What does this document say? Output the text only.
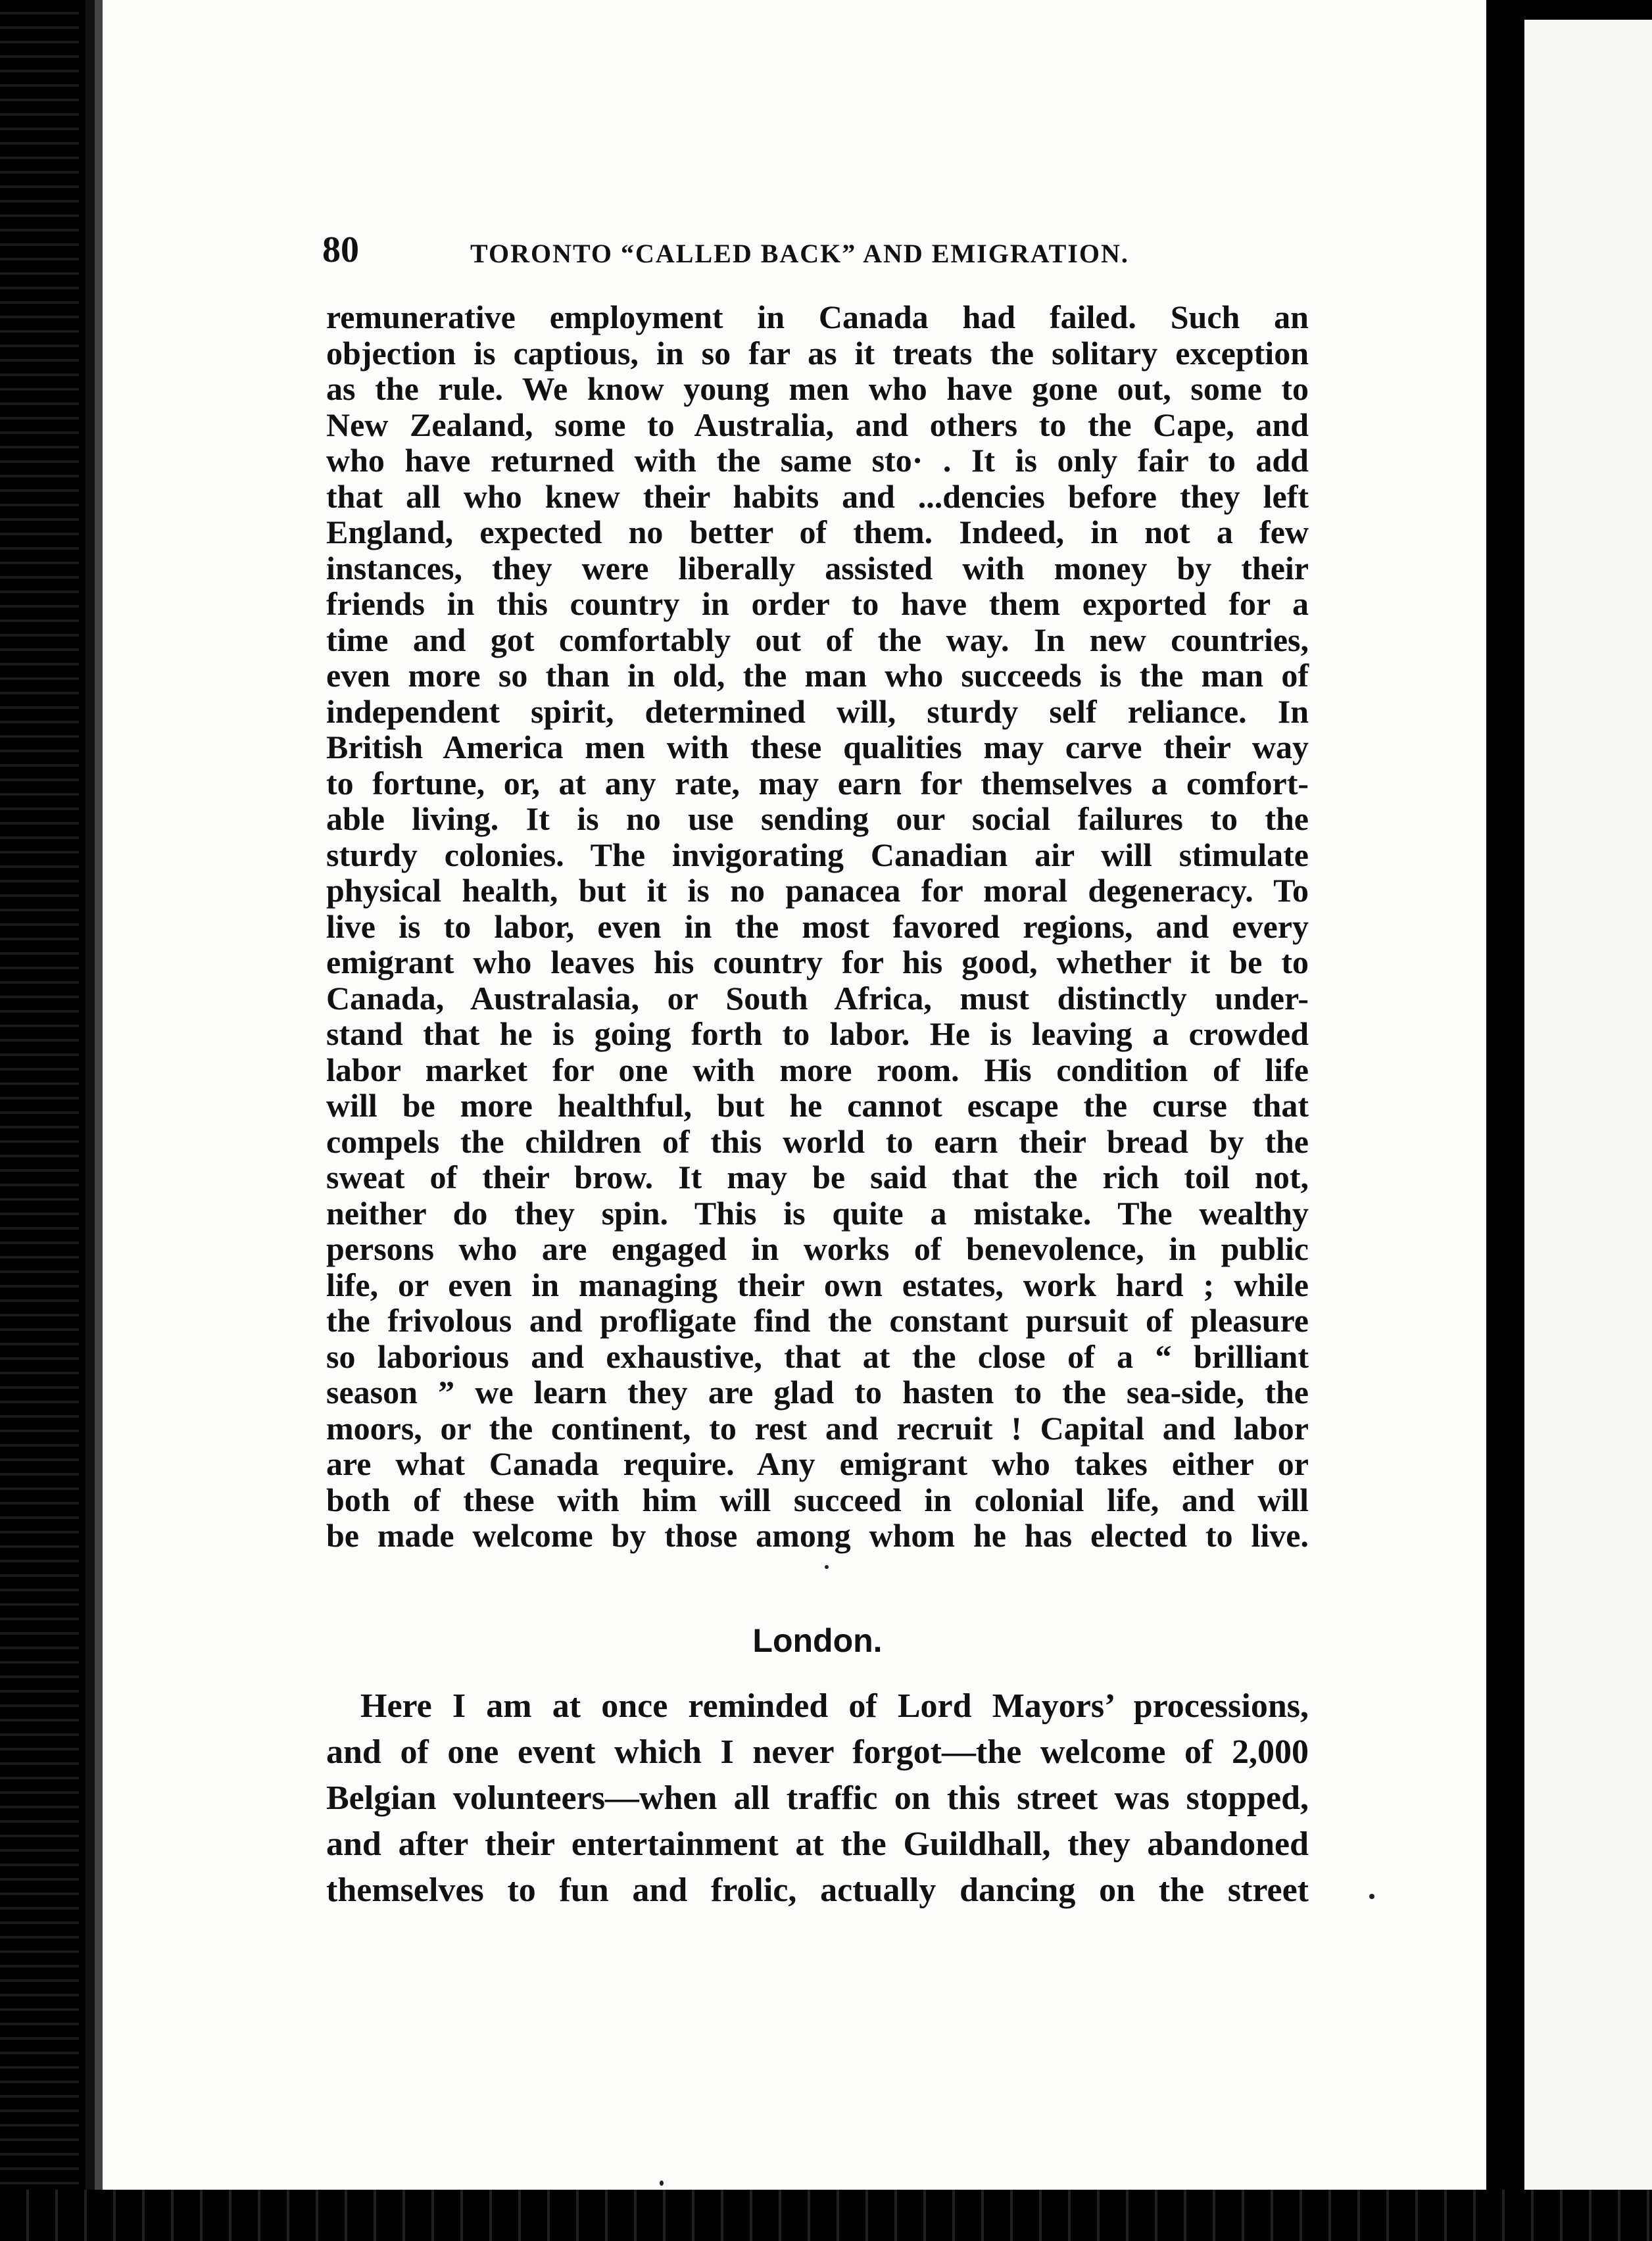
80	TORONTO “CALLED BACK” AND EMIGRATION.
remunerative employment in Canada had failed. Such an
objection is captious, in so far as it treats the solitary exception
as the rule. We know young men who have gone out, some to
New Zealand, some to Australia, and others to the Cape, and
who have returned with the same sto· . It is only fair to add
that all who knew their habits and ...dencies before they left
England, expected no better of them. Indeed, in not a few
instances, they were liberally assisted with money by their
friends in this country in order to have them exported for a
time and got comfortably out of the way. In new countries,
even more so than in old, the man who succeeds is the man of
independent spirit, determined will, sturdy self reliance. In
British America men with these qualities may carve their way
to fortune, or, at any rate, may earn for themselves a comfort-
able living. It is no use sending our social failures to the
sturdy colonies. The invigorating Canadian air will stimulate
physical health, but it is no panacea for moral degeneracy. To
live is to labor, even in the most favored regions, and every
emigrant who leaves his country for his good, whether it be to
Canada, Australasia, or South Africa, must distinctly under-
stand that he is going forth to labor. He is leaving a crowded
labor market for one with more room. His condition of life
will be more healthful, but he cannot escape the curse that
compels the children of this world to earn their bread by the
sweat of their brow. It may be said that the rich toil not,
neither do they spin. This is quite a mistake. The wealthy
persons who are engaged in works of benevolence, in public
life, or even in managing their own estates, work hard ; while
the frivolous and profligate find the constant pursuit of pleasure
so laborious and exhaustive, that at the close of a “ brilliant
season ” we learn they are glad to hasten to the sea-side, the
moors, or the continent, to rest and recruit ! Capital and labor
are what Canada require. Any emigrant who takes either or
both of these with him will succeed in colonial life, and will
be made welcome by those among whom he has elected to live.
London.
Here I am at once reminded of Lord Mayors’ processions,
and of one event which I never forgot—the welcome of 2,000
Belgian volunteers—when all traffic on this street was stopped,
and after their entertainment at the Guildhall, they abandoned
themselves to fun and frolic, actually dancing on the street
